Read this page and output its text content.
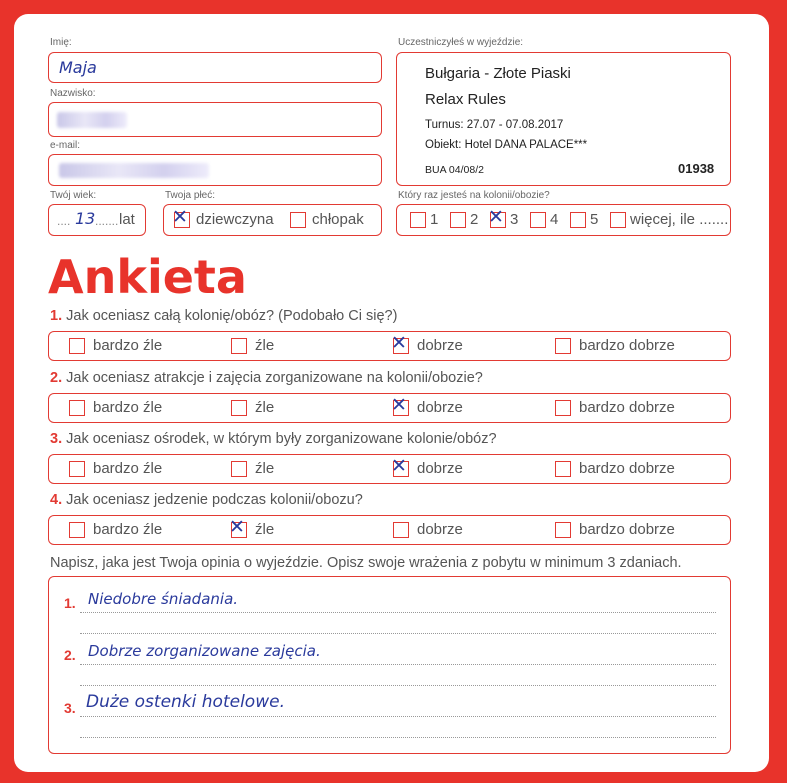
Imię:
Maja
Nazwisko:
e-mail:
Twój wiek:
.... 13 ....... lat
Twoja płeć:
✕ dziewczyna	chłopak
Uczestniczyłeś w wyjeździe:
Bułgaria - Złote Piaski
Relax Rules
Turnus: 27.07 - 07.08.2017
Obiekt: Hotel DANA PALACE***
BUA 04/08/2	01938
Który raz jesteś na kolonii/obozie?
1 2 ✕ 3 4 5 więcej, ile .......
Ankieta
1. Jak oceniasz całą kolonię/obóz? (Podobało Ci się?)
bardzo źle	źle	✕ dobrze	bardzo dobrze
2. Jak oceniasz atrakcje i zajęcia zorganizowane na kolonii/obozie?
bardzo źle	źle	✕ dobrze	bardzo dobrze
3. Jak oceniasz ośrodek, w którym były zorganizowane kolonie/obóz?
bardzo źle	źle	✕ dobrze	bardzo dobrze
4. Jak oceniasz jedzenie podczas kolonii/obozu?
bardzo źle	✕ źle	dobrze	bardzo dobrze
Napisz, jaka jest Twoja opinia o wyjeździe. Opisz swoje wrażenia z pobytu w minimum 3 zdaniach.
1. Niedobre śniadania.
2. Dobrze zorganizowane zajęcia.
3. Duże ostenki hotelowe.
